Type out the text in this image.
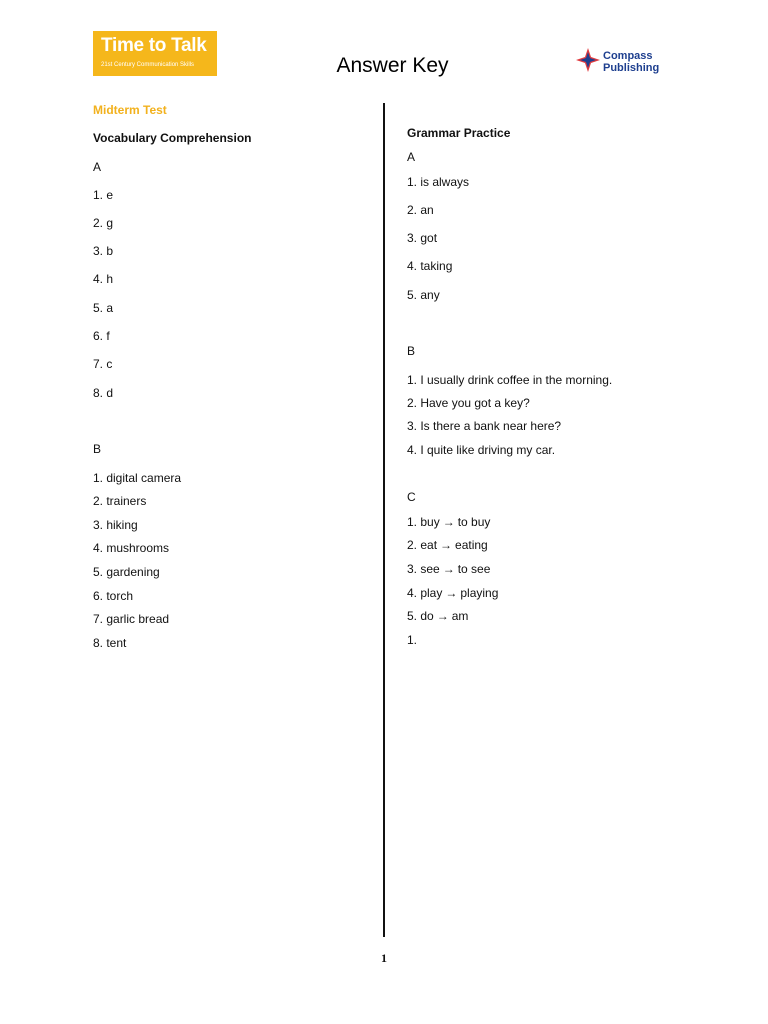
Time to Talk
21st Century Communication Skills	Answer Key	Compass
Publishing
Midterm Test
Vocabulary Comprehension
A
1. e
2. g
3. b
4. h
5. a
6. f
7. c
8. d
B
1. digital camera
2. trainers
3. hiking
4. mushrooms
5. gardening
6. torch
7. garlic bread
8. tent
Grammar Practice
A
1. is always
2. an
3. got
4. taking
5. any
B
1. I usually drink coffee in the morning.
2. Have you got a key?
3. Is there a bank near here?
4. I quite like driving my car.
C
1. buy → to buy
2. eat → eating
3. see → to see
4. play → playing
5. do → am
1.
1
